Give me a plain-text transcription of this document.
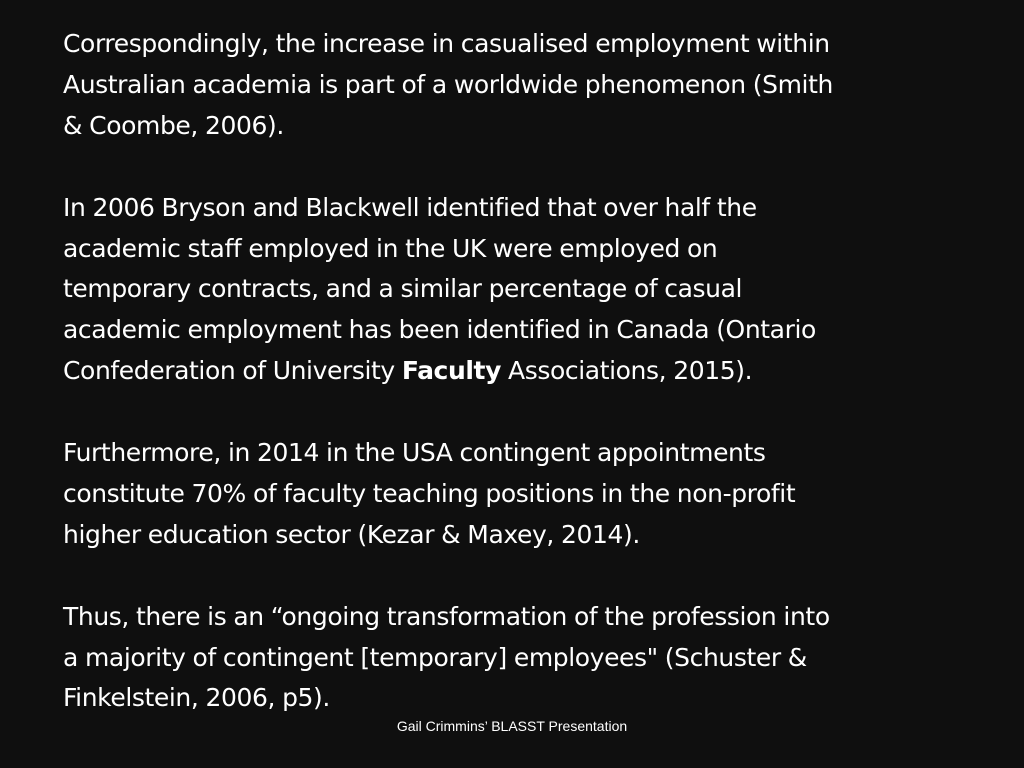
Correspondingly, the increase in casualised employment within
Australian academia is part of a worldwide phenomenon (Smith
& Coombe, 2006).

In 2006 Bryson and Blackwell identified that over half the
academic staff employed in the UK were employed on
temporary contracts, and a similar percentage of casual
academic employment has been identified in Canada (Ontario
Confederation of University Faculty Associations, 2015).

Furthermore, in 2014 in the USA contingent appointments
constitute 70% of faculty teaching positions in the non-profit
higher education sector (Kezar & Maxey, 2014).

Thus, there is an “ongoing transformation of the profession into
a majority of contingent [temporary] employees" (Schuster &
Finkelstein, 2006, p5).

Gail Crimmins’ BLASST Presentation
